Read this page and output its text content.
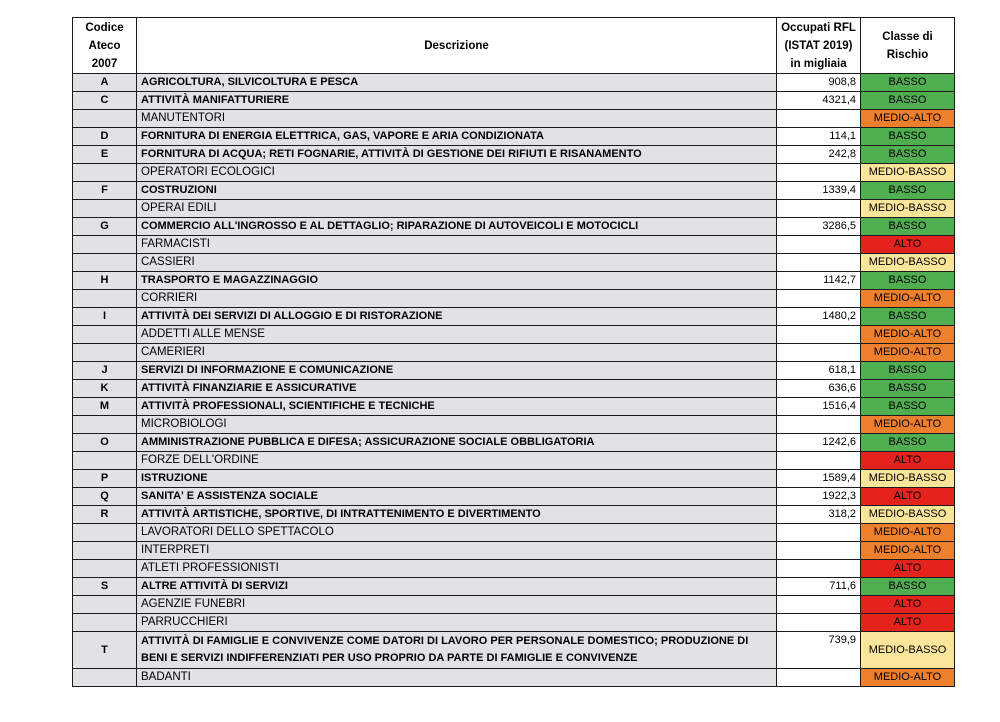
Codice Ateco 2007	Descrizione	Occupati RFL (ISTAT 2019) in migliaia	Classe di Rischio
A	AGRICOLTURA, SILVICOLTURA E PESCA	908,8	BASSO
C	ATTIVITÀ MANIFATTURIERE	4321,4	BASSO
	MANUTENTORI		MEDIO-ALTO
D	FORNITURA DI ENERGIA ELETTRICA, GAS, VAPORE E ARIA CONDIZIONATA	114,1	BASSO
E	FORNITURA DI ACQUA; RETI FOGNARIE, ATTIVITÀ DI GESTIONE DEI RIFIUTI E RISANAMENTO	242,8	BASSO
	OPERATORI ECOLOGICI		MEDIO-BASSO
F	COSTRUZIONI	1339,4	BASSO
	OPERAI EDILI		MEDIO-BASSO
G	COMMERCIO ALL'INGROSSO E AL DETTAGLIO; RIPARAZIONE DI AUTOVEICOLI E MOTOCICLI	3286,5	BASSO
	FARMACISTI		ALTO
	CASSIERI		MEDIO-BASSO
H	TRASPORTO E MAGAZZINAGGIO	1142,7	BASSO
	CORRIERI		MEDIO-ALTO
I	ATTIVITÀ DEI SERVIZI DI ALLOGGIO E DI RISTORAZIONE	1480,2	BASSO
	ADDETTI ALLE MENSE		MEDIO-ALTO
	CAMERIERI		MEDIO-ALTO
J	SERVIZI DI INFORMAZIONE E COMUNICAZIONE	618,1	BASSO
K	ATTIVITÀ FINANZIARIE E ASSICURATIVE	636,6	BASSO
M	ATTIVITÀ PROFESSIONALI, SCIENTIFICHE E TECNICHE	1516,4	BASSO
	MICROBIOLOGI		MEDIO-ALTO
O	AMMINISTRAZIONE PUBBLICA E DIFESA; ASSICURAZIONE SOCIALE OBBLIGATORIA	1242,6	BASSO
	FORZE DELL'ORDINE		ALTO
P	ISTRUZIONE	1589,4	MEDIO-BASSO
Q	SANITA' E ASSISTENZA SOCIALE	1922,3	ALTO
R	ATTIVITÀ ARTISTICHE, SPORTIVE, DI INTRATTENIMENTO E DIVERTIMENTO	318,2	MEDIO-BASSO
	LAVORATORI DELLO SPETTACOLO		MEDIO-ALTO
	INTERPRETI		MEDIO-ALTO
	ATLETI PROFESSIONISTI		ALTO
S	ALTRE ATTIVITÀ DI SERVIZI	711,6	BASSO
	AGENZIE FUNEBRI		ALTO
	PARRUCCHIERI		ALTO
T	ATTIVITÀ DI FAMIGLIE E CONVIVENZE COME DATORI DI LAVORO PER PERSONALE DOMESTICO; PRODUZIONE DI BENI E SERVIZI INDIFFERENZIATI PER USO PROPRIO DA PARTE DI FAMIGLIE E CONVIVENZE	739,9	MEDIO-BASSO
	BADANTI		MEDIO-ALTO
